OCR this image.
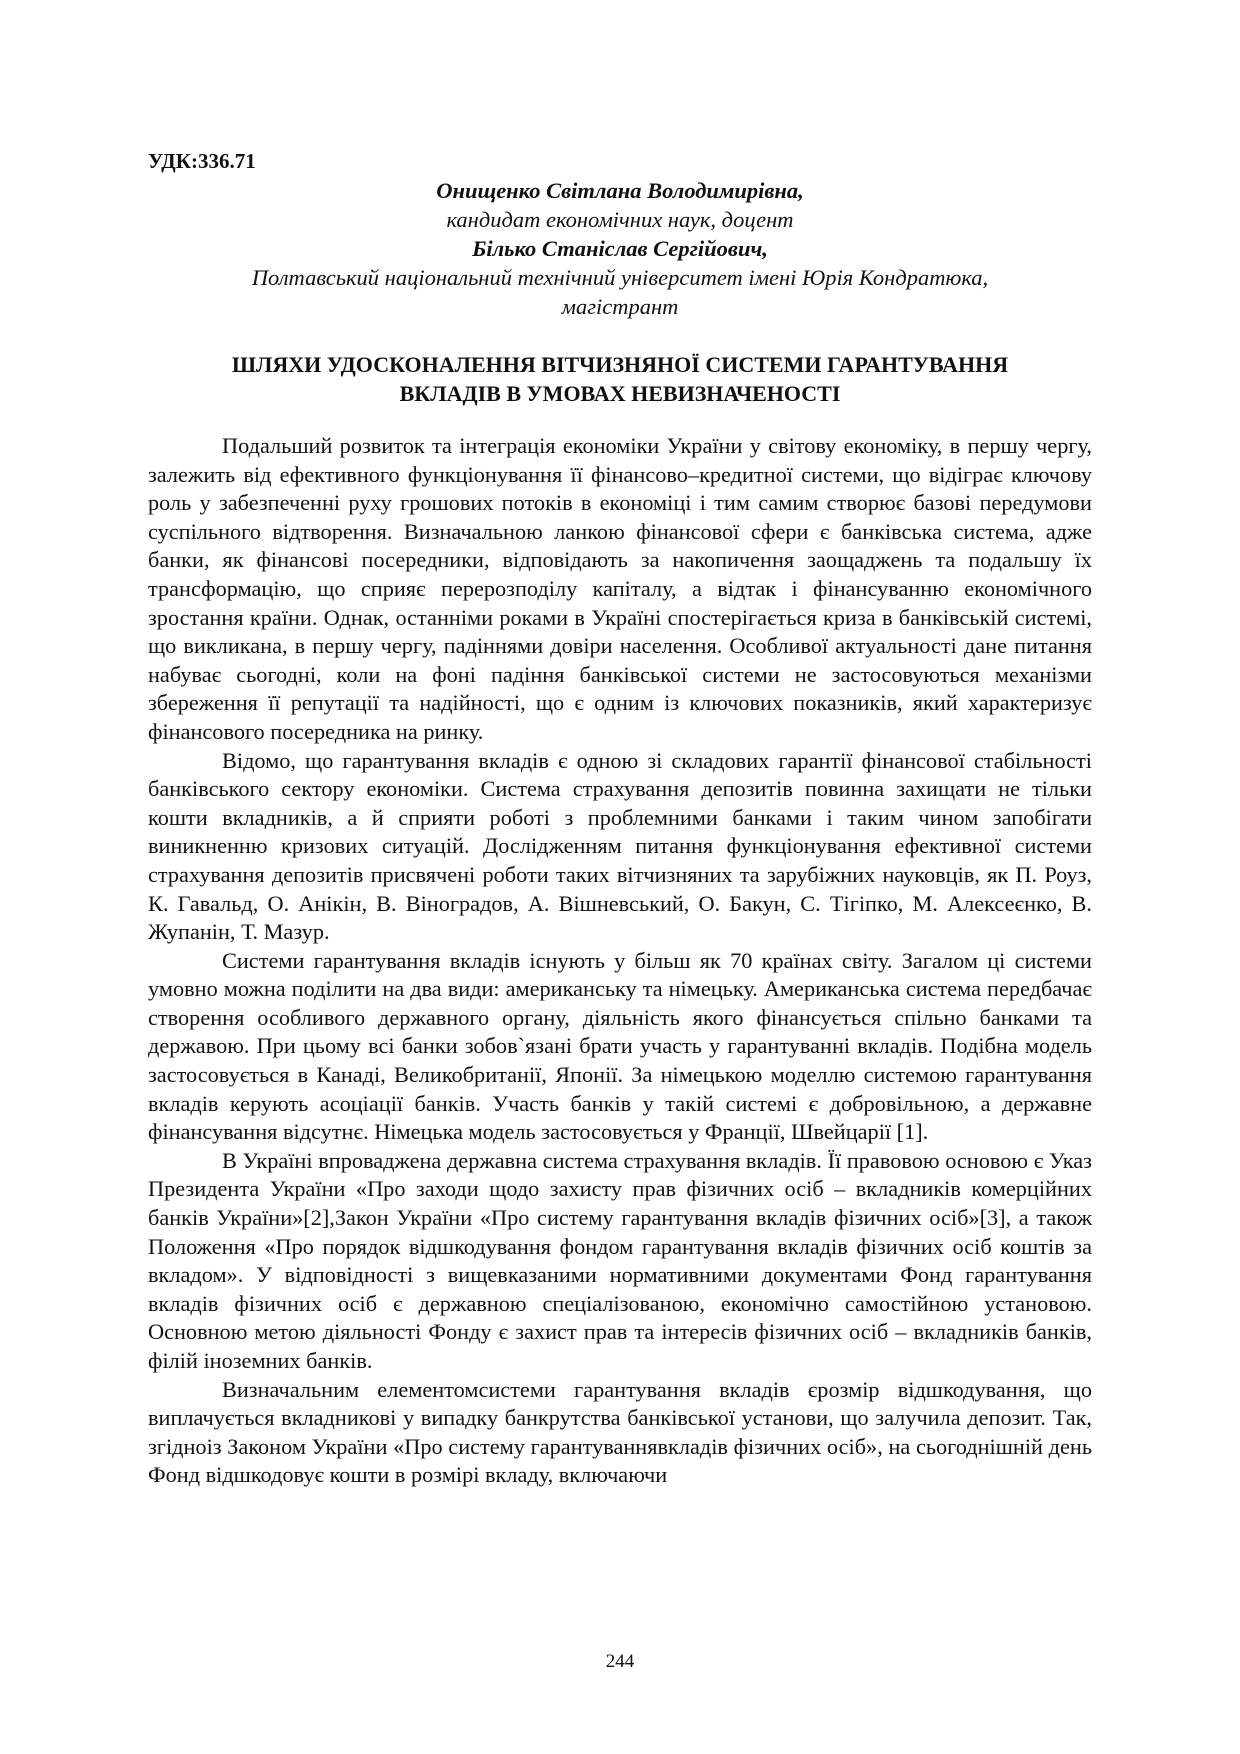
УДК:336.71
Онищенко Світлана Володимирівна,
кандидат економічних наук, доцент
Білько Станіслав Сергійович,
Полтавський національний технічний університет імені Юрія Кондратюка,
магістрант
ШЛЯХИ УДОСКОНАЛЕННЯ ВІТЧИЗНЯНОЇ СИСТЕМИ ГАРАНТУВАННЯ
ВКЛАДІВ В УМОВАХ НЕВИЗНАЧЕНОСТІ

Подальший розвиток та інтеграція економіки України у світову економіку, в першу чергу, залежить від ефективного функціонування її фінансово–кредитної системи, що відіграє ключову роль у забезпеченні руху грошових потоків в економіці і тим самим створює базові передумови суспільного відтворення. Визначальною ланкою фінансової сфери є банківська система, адже банки, як фінансові посередники, відповідають за накопичення заощаджень та подальшу їх трансформацію, що сприяє перерозподілу капіталу, а відтак і фінансуванню економічного зростання країни. Однак, останніми роками в Україні спостерігається криза в банківській системі, що викликана, в першу чергу, падіннями довіри населення. Особливої актуальності дане питання набуває сьогодні, коли на фоні падіння банківської системи не застосовуються механізми збереження її репутації та надійності, що є одним із ключових показників, який характеризує фінансового посередника на ринку.

Відомо, що гарантування вкладів є одною зі складових гарантії фінансової стабільності банківського сектору економіки. Система страхування депозитів повинна захищати не тільки кошти вкладників, а й сприяти роботі з проблемними банками і таким чином запобігати виникненню кризових ситуацій. Дослідженням питання функціонування ефективної системи страхування депозитів присвячені роботи таких вітчизняних та зарубіжних науковців, як П. Роуз, К. Гавальд, О. Анікін, В. Віноградов, А. Вішневський, О. Бакун, С. Тігіпко, М. Алексеєнко, В. Жупанін, Т. Мазур.

Системи гарантування вкладів існують у більш як 70 країнах світу. Загалом ці системи умовно можна поділити на два види: американську та німецьку. Американська система передбачає створення особливого державного органу, діяльність якого фінансується спільно банками та державою. При цьому всі банки зобов`язані брати участь у гарантуванні вкладів. Подібна модель застосовується в Канаді, Великобританії, Японії. За німецькою моделлю системою гарантування вкладів керують асоціації банків. Участь банків у такій системі є добровільною, а державне фінансування відсутнє. Німецька модель застосовується у Франції, Швейцарії [1].

В Україні впроваджена державна система страхування вкладів. Її правовою основою є Указ Президента України «Про заходи щодо захисту прав фізичних осіб – вкладників комерційних банків України»[2],Закон України «Про систему гарантування вкладів фізичних осіб»[3], а також Положення «Про порядок відшкодування фондом гарантування вкладів фізичних осіб коштів за вкладом». У відповідності з вищевказаними нормативними документами Фонд гарантування вкладів фізичних осіб є державною спеціалізованою, економічно самостійною установою. Основною метою діяльності Фонду є захист прав та інтересів фізичних осіб – вкладників банків, філій іноземних банків.

Визначальним елементомсистеми гарантування вкладів єрозмір відшкодування, що виплачується вкладникові у випадку банкрутства банківської установи, що залучила депозит. Так, згідноіз Законом України «Про систему гарантуваннявкладів фізичних осіб», на сьогоднішній день Фонд відшкодовує кошти в розмірі вкладу, включаючи

244
